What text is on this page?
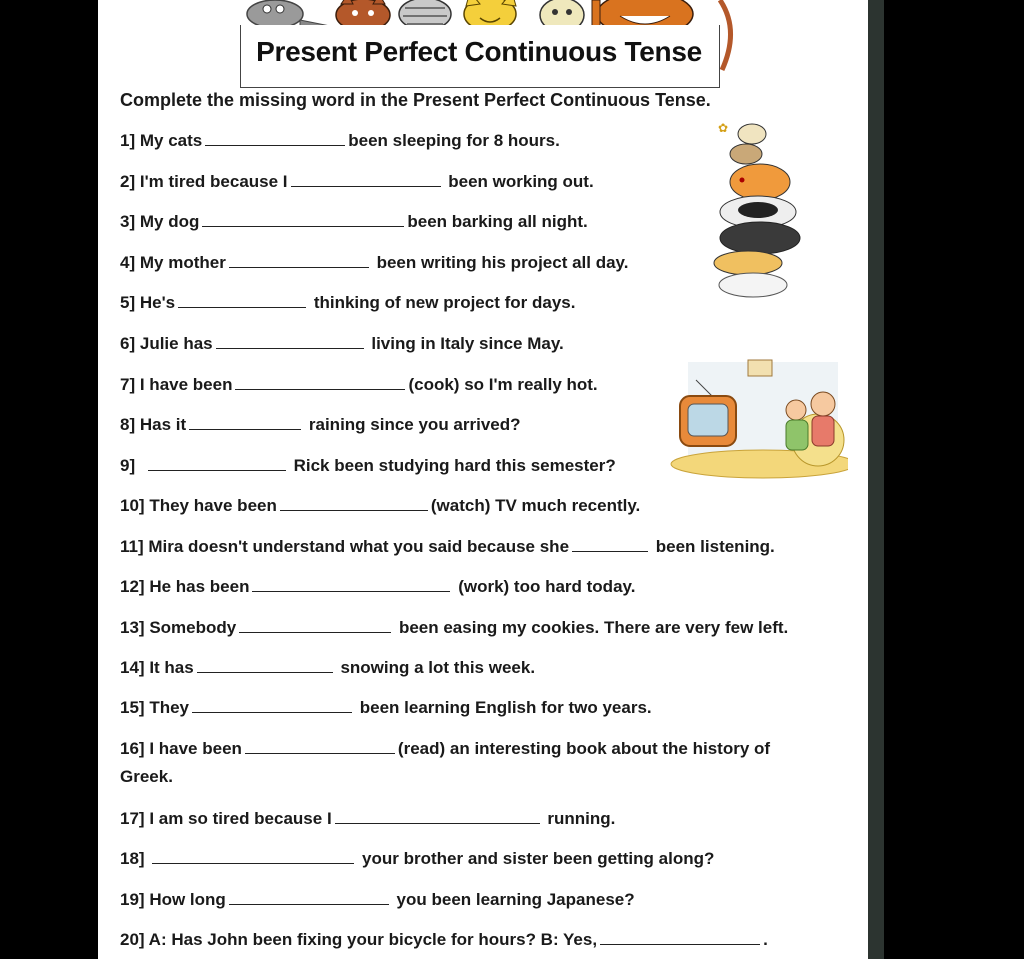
Present Perfect Continuous Tense
Complete the missing word in the Present Perfect Continuous Tense.
1] My cats	been sleeping for 8 hours.
2] I'm tired because I	been working out.
3] My dog	been barking all night.
4] My mother	been writing his project all day.
5] He's	thinking of new project for days.
6] Julie has	living in Italy since May.
7] I have been	(cook) so I'm really hot.
8] Has it	raining since you arrived?
9]	Rick been studying hard this semester?
10] They have been	(watch) TV much recently.
11] Mira doesn't understand what you said because she	been listening.
12] He has been	(work) too hard today.
13] Somebody	been easing my cookies. There are very few left.
14] It has	snowing a lot this week.
15] They	been learning English for two years.
16] I have been	(read) an interesting book about the history of
Greek.
17] I am so tired because I	running.
18]	your brother and sister been getting along?
19] How long	you been learning Japanese?
20] A: Has John been fixing your bicycle for hours? B: Yes,	.
✿
